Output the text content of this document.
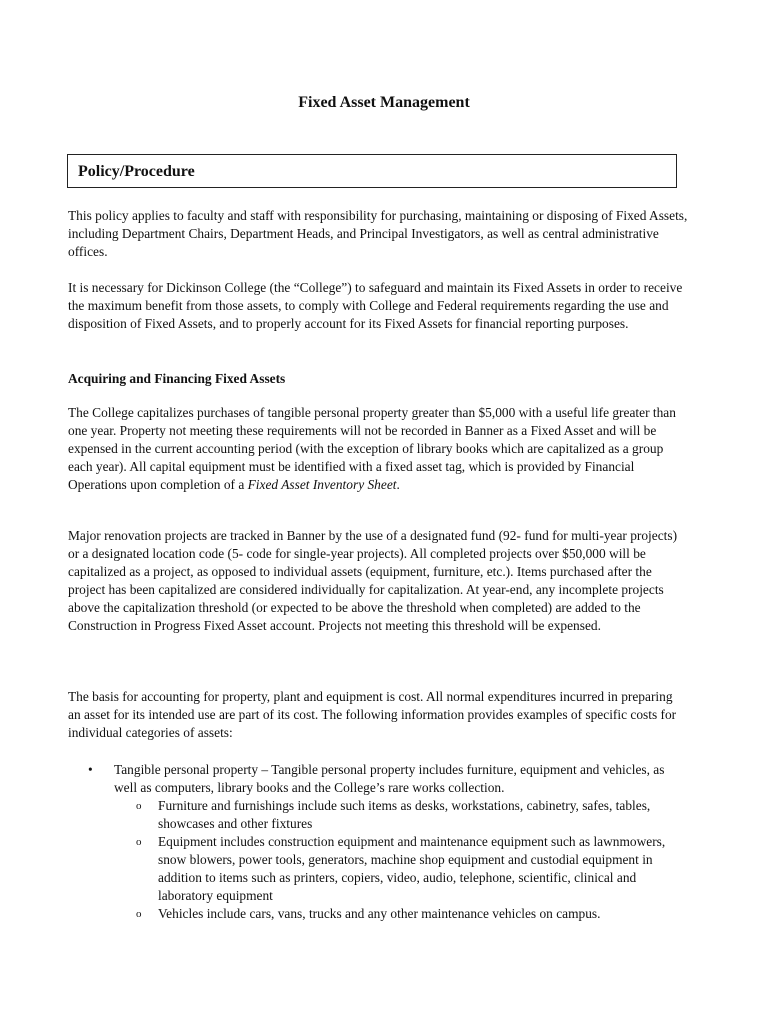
Fixed Asset Management
Policy/Procedure

This policy applies to faculty and staff with responsibility for purchasing, maintaining or disposing of Fixed Assets, including Department Chairs, Department Heads, and Principal Investigators, as well as central administrative offices.

It is necessary for Dickinson College (the “College”) to safeguard and maintain its Fixed Assets in order to receive the maximum benefit from those assets, to comply with College and Federal requirements regarding the use and disposition of Fixed Assets, and to properly account for its Fixed Assets for financial reporting purposes.

Acquiring and Financing Fixed Assets

The College capitalizes purchases of tangible personal property greater than $5,000 with a useful life greater than one year. Property not meeting these requirements will not be recorded in Banner as a Fixed Asset and will be expensed in the current accounting period (with the exception of library books which are capitalized as a group each year). All capital equipment must be identified with a fixed asset tag, which is provided by Financial Operations upon completion of a Fixed Asset Inventory Sheet.

Major renovation projects are tracked in Banner by the use of a designated fund (92- fund for multi-year projects) or a designated location code (5- code for single-year projects). All completed projects over $50,000 will be capitalized as a project, as opposed to individual assets (equipment, furniture, etc.). Items purchased after the project has been capitalized are considered individually for capitalization. At year-end, any incomplete projects above the capitalization threshold (or expected to be above the threshold when completed) are added to the Construction in Progress Fixed Asset account. Projects not meeting this threshold will be expensed.

The basis for accounting for property, plant and equipment is cost. All normal expenditures incurred in preparing an asset for its intended use are part of its cost. The following information provides examples of specific costs for individual categories of assets:

• Tangible personal property – Tangible personal property includes furniture, equipment and vehicles, as well as computers, library books and the College’s rare works collection.
o Furniture and furnishings include such items as desks, workstations, cabinetry, safes, tables, showcases and other fixtures
o Equipment includes construction equipment and maintenance equipment such as lawnmowers, snow blowers, power tools, generators, machine shop equipment and custodial equipment in addition to items such as printers, copiers, video, audio, telephone, scientific, clinical and laboratory equipment
o Vehicles include cars, vans, trucks and any other maintenance vehicles on campus.
